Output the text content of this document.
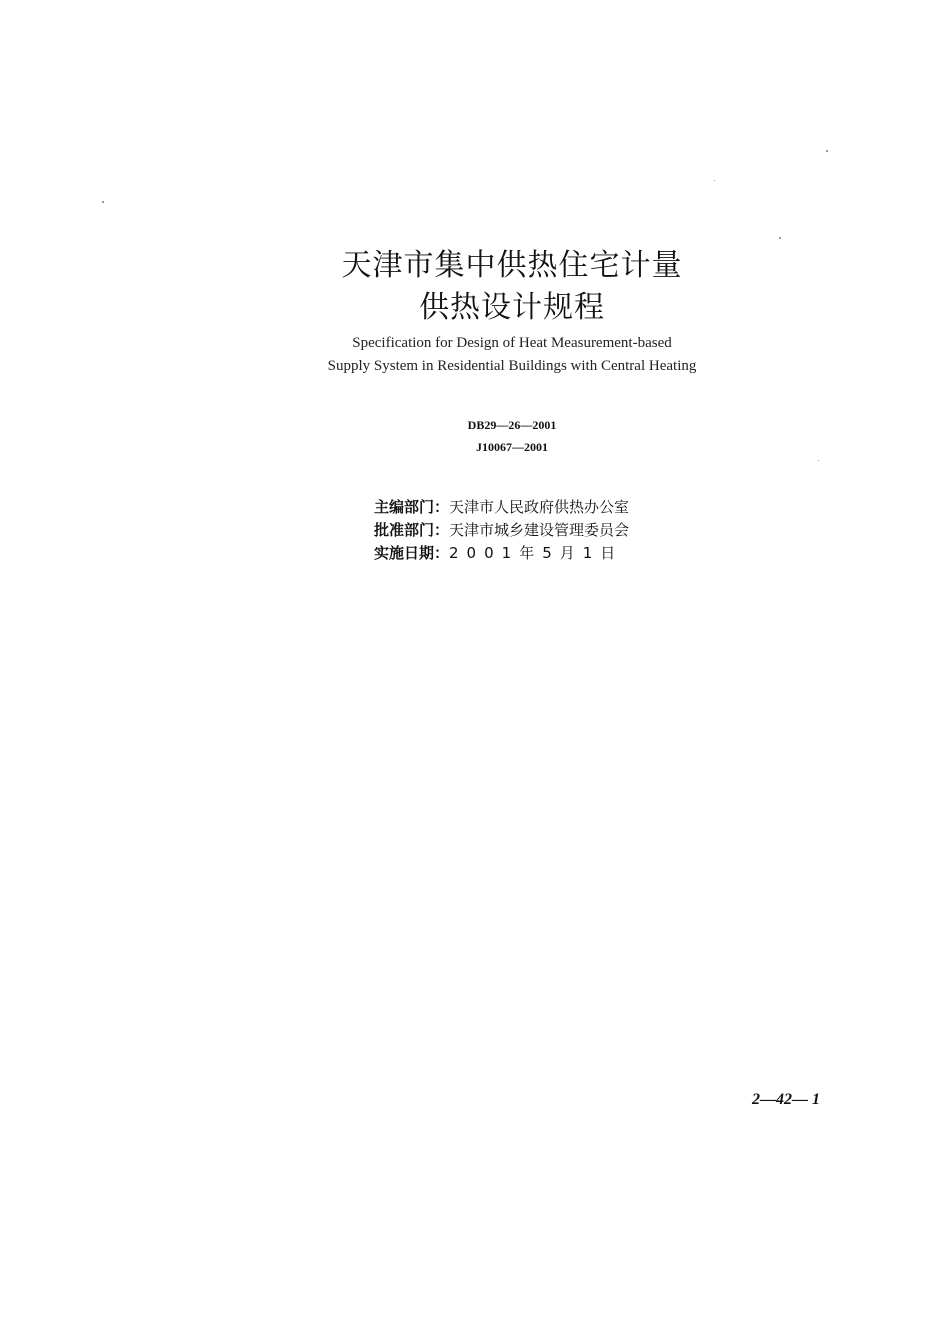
天津市集中供热住宅计量
供热设计规程
Specification for Design of Heat Measurement-based
Supply System in Residential Buildings with Central Heating
DB29—26—2001
J10067—2001
主编部门：天津市人民政府供热办公室
批准部门：天津市城乡建设管理委员会
实施日期：2001年5月1日
2—42— 1
